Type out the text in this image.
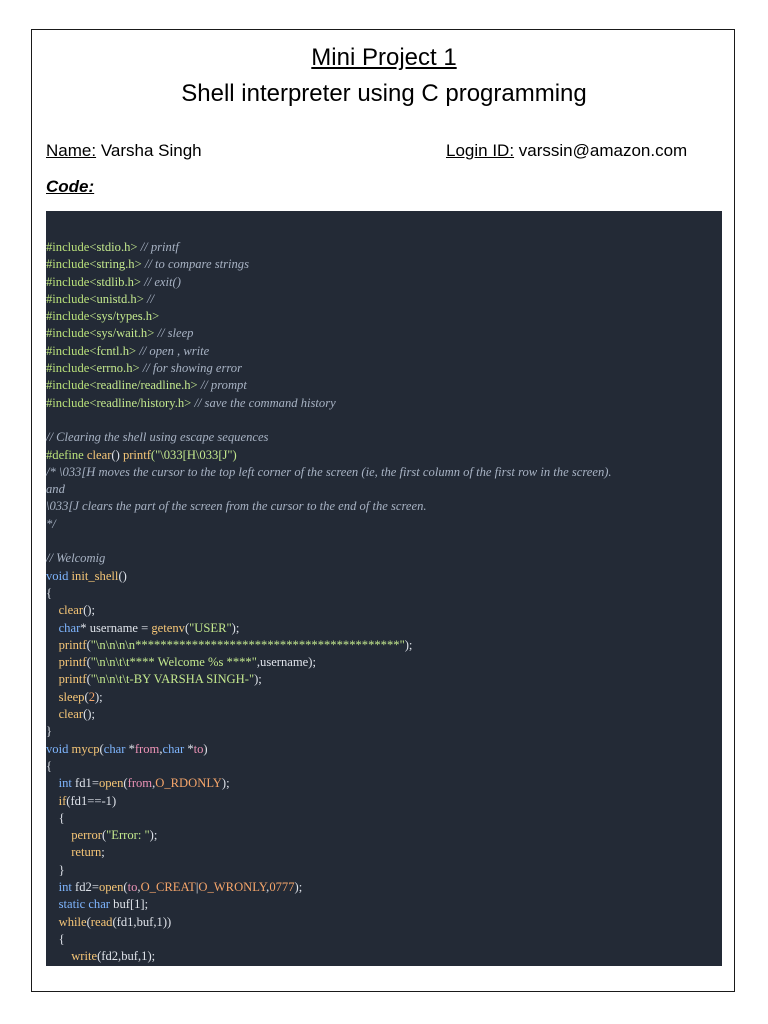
Mini Project 1
Shell interpreter using C programming
Name: Varsha Singh	Login ID: varssin@amazon.com
Code:
#include<stdio.h> // printf
#include<string.h> // to compare strings
#include<stdlib.h> // exit()
#include<unistd.h> //
#include<sys/types.h>
#include<sys/wait.h> // sleep
#include<fcntl.h> // open , write
#include<errno.h> // for showing error
#include<readline/readline.h> // prompt
#include<readline/history.h> // save the command history
// Clearing the shell using escape sequences
#define clear() printf("\033[H\033[J")
/* \033[H moves the cursor to the top left corner of the screen (ie, the first column of the first row in the screen).
and
\033[J clears the part of the screen from the cursor to the end of the screen.
*/
// Welcomig
void init_shell()
{
clear();
char* username = getenv("USER");
printf("\n\n\n\n******************************************");
printf("\n\n\t\t**** Welcome %s ****",username);
printf("\n\n\t\t-BY VARSHA SINGH-");
sleep(2);
clear();
}
void mycp(char *from,char *to)
{
int fd1=open(from,O_RDONLY);
if(fd1==-1)
{
perror("Error: ");
return;
}
int fd2=open(to,O_CREAT|O_WRONLY,0777);
static char buf[1];
while(read(fd1,buf,1))
{
write(fd2,buf,1);
